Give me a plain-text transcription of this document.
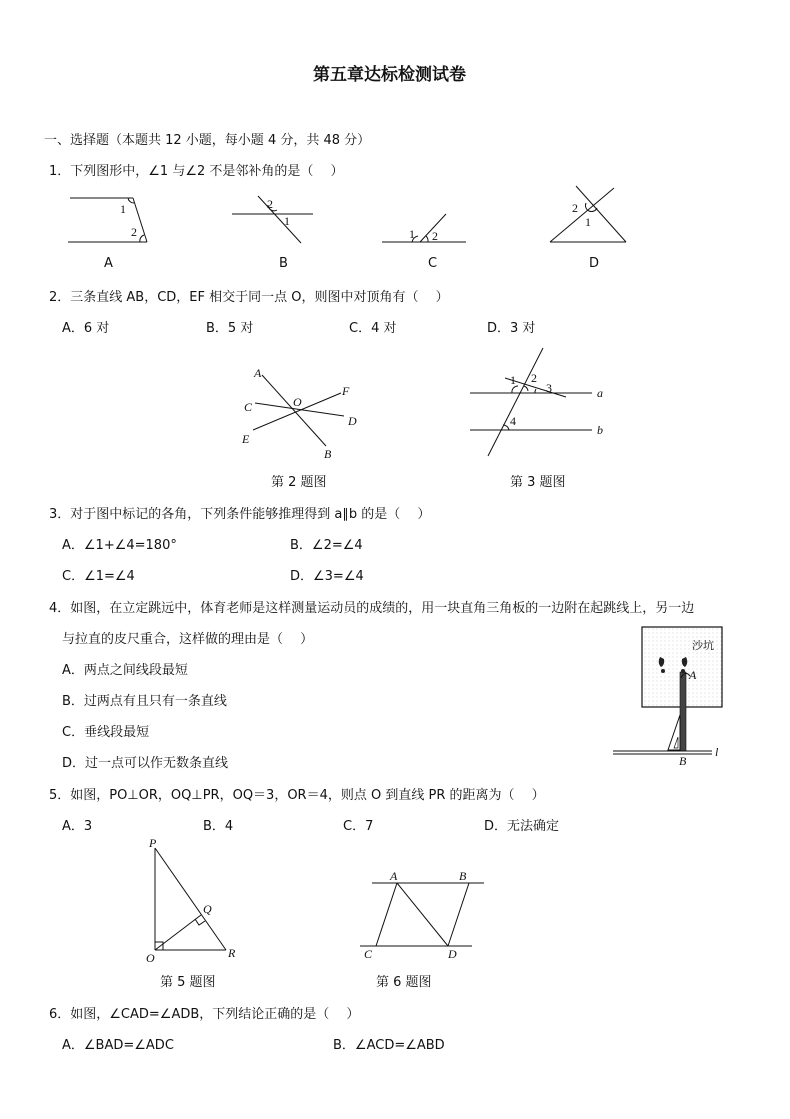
第五章达标检测试卷
一、选择题（本题共 12 小题，每小题 4 分，共 48 分）
1．下列图形中，∠1 与∠2 不是邻补角的是（　 ）
1
2
2
1
1 2
2
1
A	B	C	D
2．三条直线 AB，CD，EF 相交于同一点 O，则图中对顶角有（　 ）
A．6 对	B．5 对	C．4 对	D．3 对
A
B
C
D
E
F
O
1 2
3
4
a
b
第 2 题图	第 3 题图
3．对于图中标记的各角，下列条件能够推理得到 a∥b 的是（　 ）
A．∠1+∠4=180°	B．∠2=∠4
C．∠1=∠4	D．∠3=∠4
4．如图，在立定跳远中，体育老师是这样测量运动员的成绩的，用一块直角三角板的一边附在起跳线上，另一边
与拉直的皮尺重合，这样做的理由是（　 ）
A．两点之间线段最短
B．过两点有且只有一条直线
C．垂线段最短
D．过一点可以作无数条直线
沙坑
A
B
l
5．如图，PO⊥OR，OQ⊥PR，OQ＝3，OR＝4，则点 O 到直线 PR 的距离为（　 ）
A．3	B．4	C．7	D．无法确定
P
Q
O	R
A	B
C	D
第 5 题图	第 6 题图
6．如图，∠CAD=∠ADB，下列结论正确的是（　 ）
A．∠BAD=∠ADC	B．∠ACD=∠ABD
